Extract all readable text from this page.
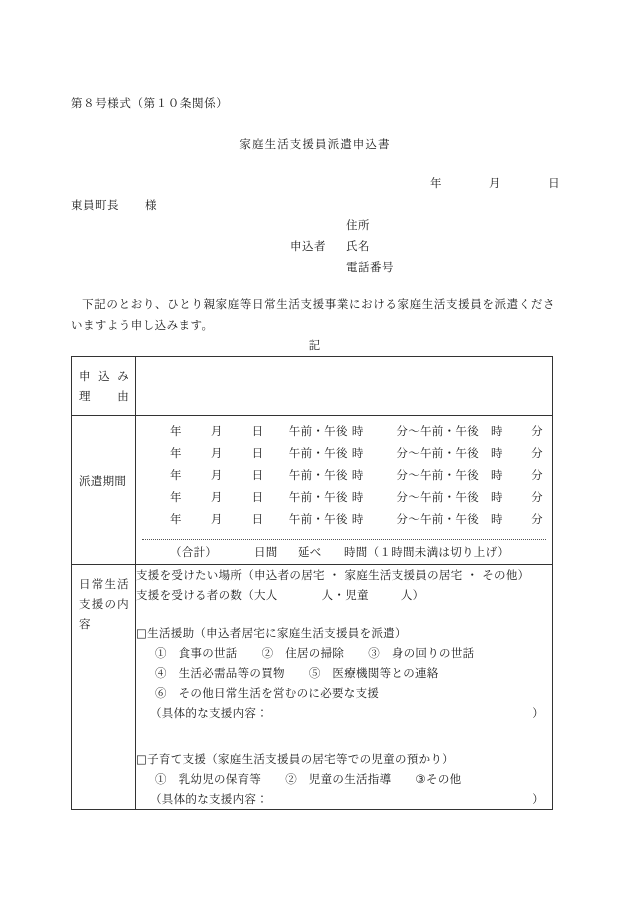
第８号様式（第１０条関係）
家庭生活支援員派遣申込書
年	月	日
東員町長 様
住所
申込者	氏名
電話番号
下記のとおり、ひとり親家庭等日常生活支援事業における家庭生活支援員を派遣くださいますよう申し込みます。
記
申 込 み
理 由	

派遣期間

年	月	日	午前・午後 時	分～午前・午後	時	分
年	月	日	午前・午後 時	分～午前・午後	時	分
年	月	日	午前・午後 時	分～午前・午後	時	分
年	月	日	午前・午後 時	分～午前・午後	時	分
年	月	日	午前・午後 時	分～午前・午後	時	分
（合計）	日間	延べ	時間 （１時間未満は切り上げ）

日 常 生 活
支 援 の 内
容

支援を受けたい場所（申込者の居宅 ・ 家庭生活支援員の居宅 ・ その他）
支援を受ける者の数（大人	人・児童	人）
□生活援助（申込者居宅に家庭生活支援員を派遣）
①　食事の世話 ②　住居の掃除 ③　身の回りの世話
④　生活必需品等の買物 ⑤　医療機関等との連絡
⑥　その他日常生活を営むのに必要な支援
（具体的な支援内容：	）
□子育て支援（家庭生活支援員の居宅等での児童の預かり）
①　乳幼児の保育等 ②　児童の生活指導 ③その他
（具体的な支援内容：	）
